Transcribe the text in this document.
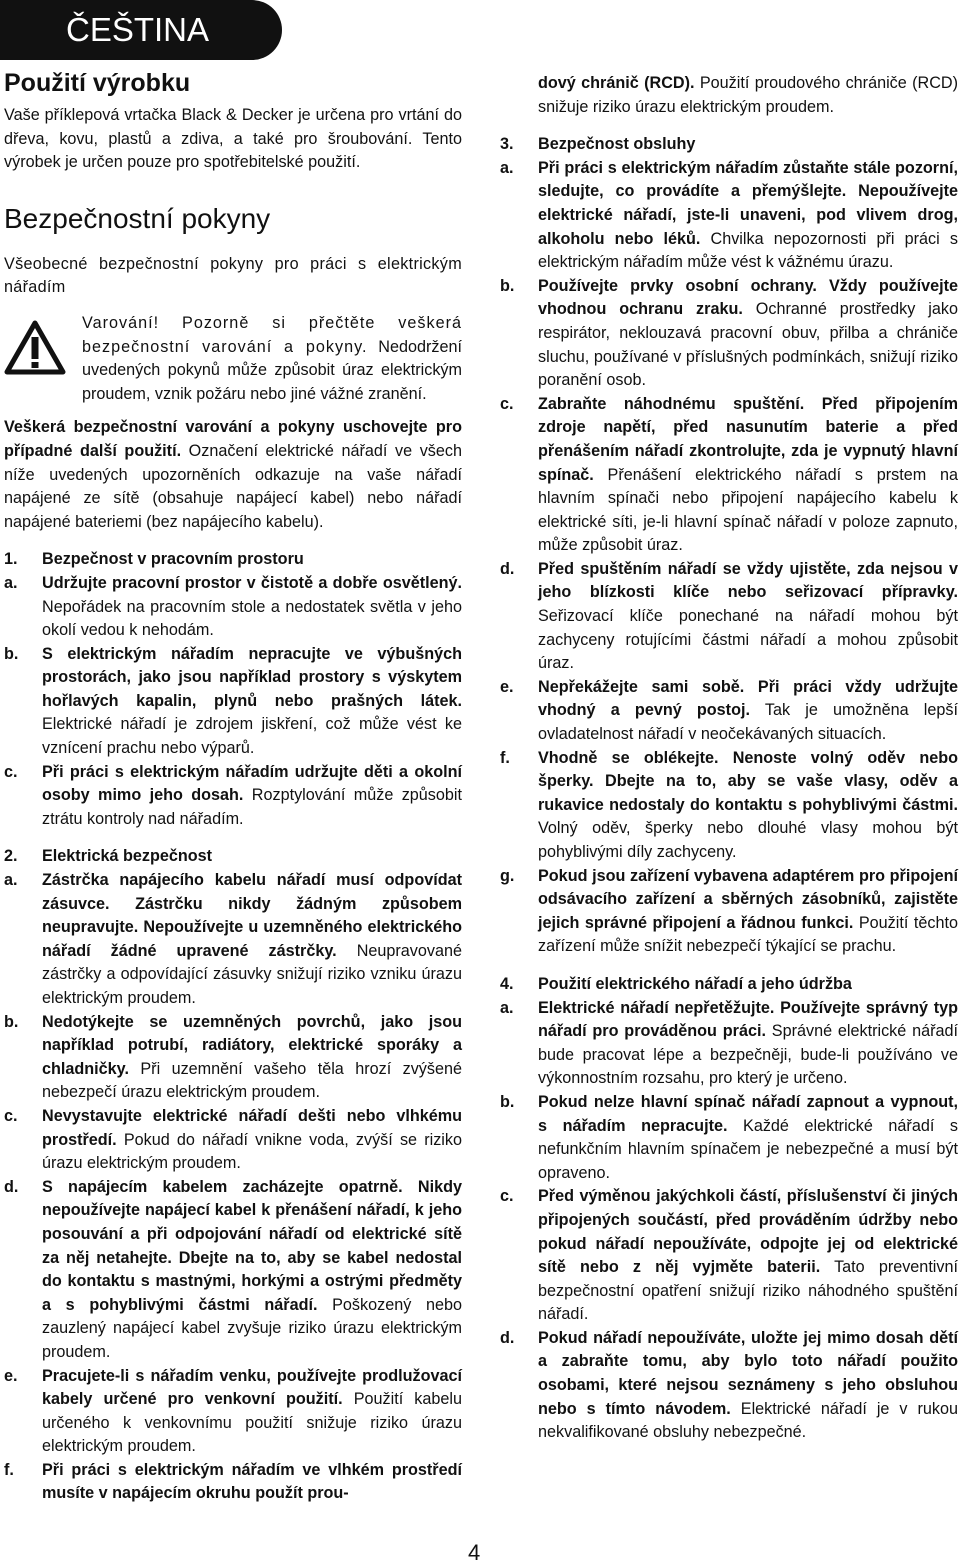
ČEŠTINA
Použití výrobku

Vaše příklepová vrtačka Black & Decker je určena pro vrtání do dřeva, kovu, plastů a zdiva, a také pro šroubování. Tento výrobek je určen pouze pro spotřebitelské použití.

Bezpečnostní pokyny

Všeobecné bezpečnostní pokyny pro práci s elektrickým nářadím

Varování! Pozorně si přečtěte veškerá bezpečnostní varování a pokyny. Nedodržení uvedených pokynů může způsobit úraz elektrickým proudem, vznik požáru nebo jiné vážné zranění.

Veškerá bezpečnostní varování a pokyny uschovejte pro případné další použití. Označení elektrické nářadí ve všech níže uvedených upozorněních odkazuje na vaše nářadí napájené ze sítě (obsahuje napájecí kabel) nebo nářadí napájené bateriemi (bez napájecího kabelu).

1.	Bezpečnost v pracovním prostoru
a.	Udržujte pracovní prostor v čistotě a dobře osvětlený. Nepořádek na pracovním stole a nedostatek světla v jeho okolí vedou k nehodám.
b.	S elektrickým nářadím nepracujte ve výbušných prostorách, jako jsou například prostory s výskytem hořlavých kapalin, plynů nebo prašných látek. Elektrické nářadí je zdrojem jiskření, což může vést ke vznícení prachu nebo výparů.
c.	Při práci s elektrickým nářadím udržujte děti a okolní osoby mimo jeho dosah. Rozptylování může způsobit ztrátu kontroly nad nářadím.
2.	Elektrická bezpečnost
a.	Zástrčka napájecího kabelu nářadí musí odpovídat zásuvce. Zástrčku nikdy žádným způsobem neupravujte. Nepoužívejte u uzemněného elektrického nářadí žádné upravené zástrčky. Neupravované zástrčky a odpovídající zásuvky snižují riziko vzniku úrazu elektrickým proudem.
b.	Nedotýkejte se uzemněných povrchů, jako jsou například potrubí, radiátory, elektrické sporáky a chladničky. Při uzemnění vašeho těla hrozí zvýšené nebezpečí úrazu elektrickým proudem.
c.	Nevystavujte elektrické nářadí dešti nebo vlhkému prostředí. Pokud do nářadí vnikne voda, zvýší se riziko úrazu elektrickým proudem.
d.	S napájecím kabelem zacházejte opatrně. Nikdy nepoužívejte napájecí kabel k přenášení nářadí, k jeho posouvání a při odpojování nářadí od elektrické sítě za něj netahejte. Dbejte na to, aby se kabel nedostal do kontaktu s mastnými, horkými a ostrými předměty a s pohyblivými částmi nářadí. Poškozený nebo zauzlený napájecí kabel zvyšuje riziko úrazu elektrickým proudem.
e.	Pracujete-li s nářadím venku, používejte prodlužovací kabely určené pro venkovní použití. Použití kabelu určeného k venkovnímu použití snižuje riziko úrazu elektrickým proudem.
f.	Při práci s elektrickým nářadím ve vlhkém prostředí musíte v napájecím okruhu použít prou-
dový chránič (RCD). Použití proudového chrániče (RCD) snižuje riziko úrazu elektrickým proudem.
3.	Bezpečnost obsluhy
a.	Při práci s elektrickým nářadím zůstaňte stále pozorní, sledujte, co provádíte a přemýšlejte. Nepoužívejte elektrické nářadí, jste-li unaveni, pod vlivem drog, alkoholu nebo léků. Chvilka nepozornosti při práci s elektrickým nářadím může vést k vážnému úrazu.
b.	Používejte prvky osobní ochrany. Vždy používejte vhodnou ochranu zraku. Ochranné prostředky jako respirátor, neklouzavá pracovní obuv, přilba a chrániče sluchu, používané v příslušných podmínkách, snižují riziko poranění osob.
c.	Zabraňte náhodnému spuštění. Před připojením zdroje napětí, před nasunutím baterie a před přenášením nářadí zkontrolujte, zda je vypnutý hlavní spínač. Přenášení elektrického nářadí s prstem na hlavním spínači nebo připojení napájecího kabelu k elektrické síti, je-li hlavní spínač nářadí v poloze zapnuto, může způsobit úraz.
d.	Před spuštěním nářadí se vždy ujistěte, zda nejsou v jeho blízkosti klíče nebo seřizovací přípravky. Seřizovací klíče ponechané na nářadí mohou být zachyceny rotujícími částmi nářadí a mohou způsobit úraz.
e.	Nepřekážejte sami sobě. Při práci vždy udržujte vhodný a pevný postoj. Tak je umožněna lepší ovladatelnost nářadí v neočekávaných situacích.
f.	Vhodně se oblékejte. Nenoste volný oděv nebo šperky. Dbejte na to, aby se vaše vlasy, oděv a rukavice nedostaly do kontaktu s pohyblivými částmi. Volný oděv, šperky nebo dlouhé vlasy mohou být pohyblivými díly zachyceny.
g.	Pokud jsou zařízení vybavena adaptérem pro připojení odsávacího zařízení a sběrných zásobníků, zajistěte jejich správné připojení a řádnou funkci. Použití těchto zařízení může snížit nebezpečí týkající se prachu.
4.	Použití elektrického nářadí a jeho údržba
a.	Elektrické nářadí nepřetěžujte. Používejte správný typ nářadí pro prováděnou práci. Správné elektrické nářadí bude pracovat lépe a bezpečněji, bude-li používáno ve výkonnostním rozsahu, pro který je určeno.
b.	Pokud nelze hlavní spínač nářadí zapnout a vypnout, s nářadím nepracujte. Každé elektrické nářadí s nefunkčním hlavním spínačem je nebezpečné a musí být opraveno.
c.	Před výměnou jakýchkoli částí, příslušenství či jiných připojených součástí, před prováděním údržby nebo pokud nářadí nepoužíváte, odpojte jej od elektrické sítě nebo z něj vyjměte baterii. Tato preventivní bezpečnostní opatření snižují riziko náhodného spuštění nářadí.
d.	Pokud nářadí nepoužíváte, uložte jej mimo dosah dětí a zabraňte tomu, aby bylo toto nářadí použito osobami, které nejsou seznámeny s jeho obsluhou nebo s tímto návodem. Elektrické nářadí je v rukou nekvalifikované obsluhy nebezpečné.
4
